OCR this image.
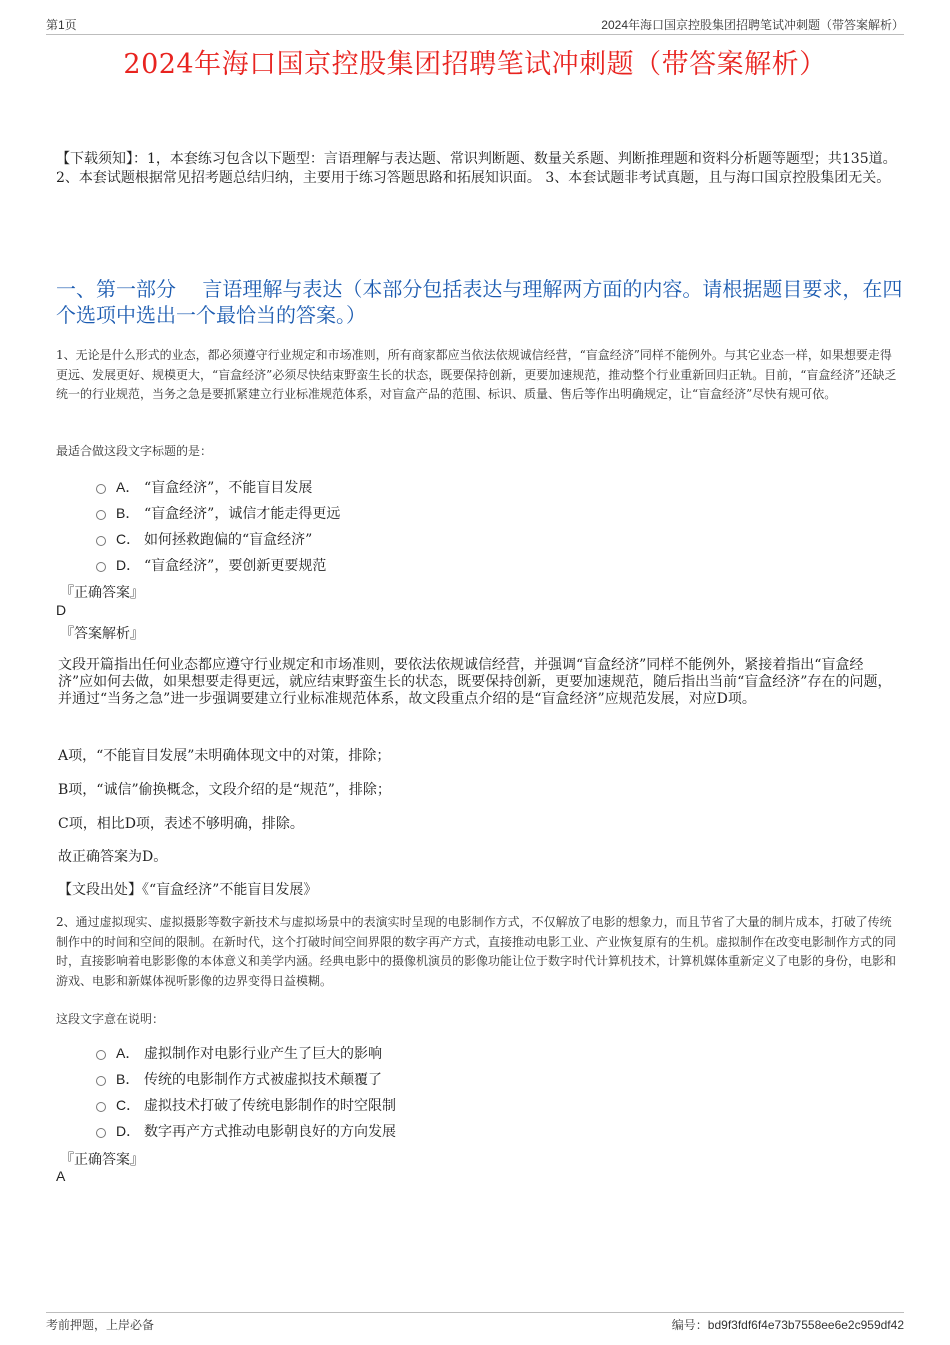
第1页	2024年海口国京控股集团招聘笔试冲刺题（带答案解析）
2024年海口国京控股集团招聘笔试冲刺题（带答案解析）
【下载须知】：1，本套练习包含以下题型：言语理解与表达题、常识判断题、数量关系题、判断推理题和资料分析题等题型；共135道。 2、本套试题根据常见招考题总结归纳，主要用于练习答题思路和拓展知识面。 3、本套试题非考试真题，且与海口国京控股集团无关。
一、第一部分 　言语理解与表达（本部分包括表达与理解两方面的内容。请根据题目要求，在四个选项中选出一个最恰当的答案。）
1、无论是什么形式的业态，都必须遵守行业规定和市场准则，所有商家都应当依法依规诚信经营，“盲盒经济”同样不能例外。与其它业态一样，如果想要走得更远、发展更好、规模更大，“盲盒经济”必须尽快结束野蛮生长的状态，既要保持创新，更要加速规范，推动整个行业重新回归正轨。目前，“盲盒经济”还缺乏统一的行业规范，当务之急是要抓紧建立行业标准规范体系，对盲盒产品的范围、标识、质量、售后等作出明确规定，让“盲盒经济”尽快有规可依。
最适合做这段文字标题的是：
A． “盲盒经济”，不能盲目发展
B． “盲盒经济”，诚信才能走得更远
C． 如何拯救跑偏的“盲盒经济”
D． “盲盒经济”，要创新更要规范
『正确答案』
D
『答案解析』
文段开篇指出任何业态都应遵守行业规定和市场准则，要依法依规诚信经营，并强调“盲盒经济”同样不能例外，紧接着指出“盲盒经济”应如何去做，如果想要走得更远，就应结束野蛮生长的状态，既要保持创新，更要加速规范，随后指出当前“盲盒经济”存在的问题，并通过“当务之急”进一步强调要建立行业标准规范体系，故文段重点介绍的是“盲盒经济”应规范发展，对应D项。
A项，“不能盲目发展”未明确体现文中的对策，排除；
B项，“诚信”偷换概念，文段介绍的是“规范”，排除；
C项，相比D项，表述不够明确，排除。
故正确答案为D。
【文段出处】《“盲盒经济”不能盲目发展》
2、通过虚拟现实、虚拟摄影等数字新技术与虚拟场景中的表演实时呈现的电影制作方式，不仅解放了电影的想象力，而且节省了大量的制片成本，打破了传统制作中的时间和空间的限制。在新时代，这个打破时间空间界限的数字再产方式，直接推动电影工业、产业恢复原有的生机。虚拟制作在改变电影制作方式的同时，直接影响着电影影像的本体意义和美学内涵。经典电影中的摄像机演员的影像功能让位于数字时代计算机技术，计算机媒体重新定义了电影的身份，电影和游戏、电影和新媒体视听影像的边界变得日益模糊。
这段文字意在说明：
A． 虚拟制作对电影行业产生了巨大的影响
B． 传统的电影制作方式被虚拟技术颠覆了
C． 虚拟技术打破了传统电影制作的时空限制
D． 数字再产方式推动电影朝良好的方向发展
『正确答案』
A
考前押题，上岸必备	编号：bd9f3fdf6f4e73b7558ee6e2c959df42
